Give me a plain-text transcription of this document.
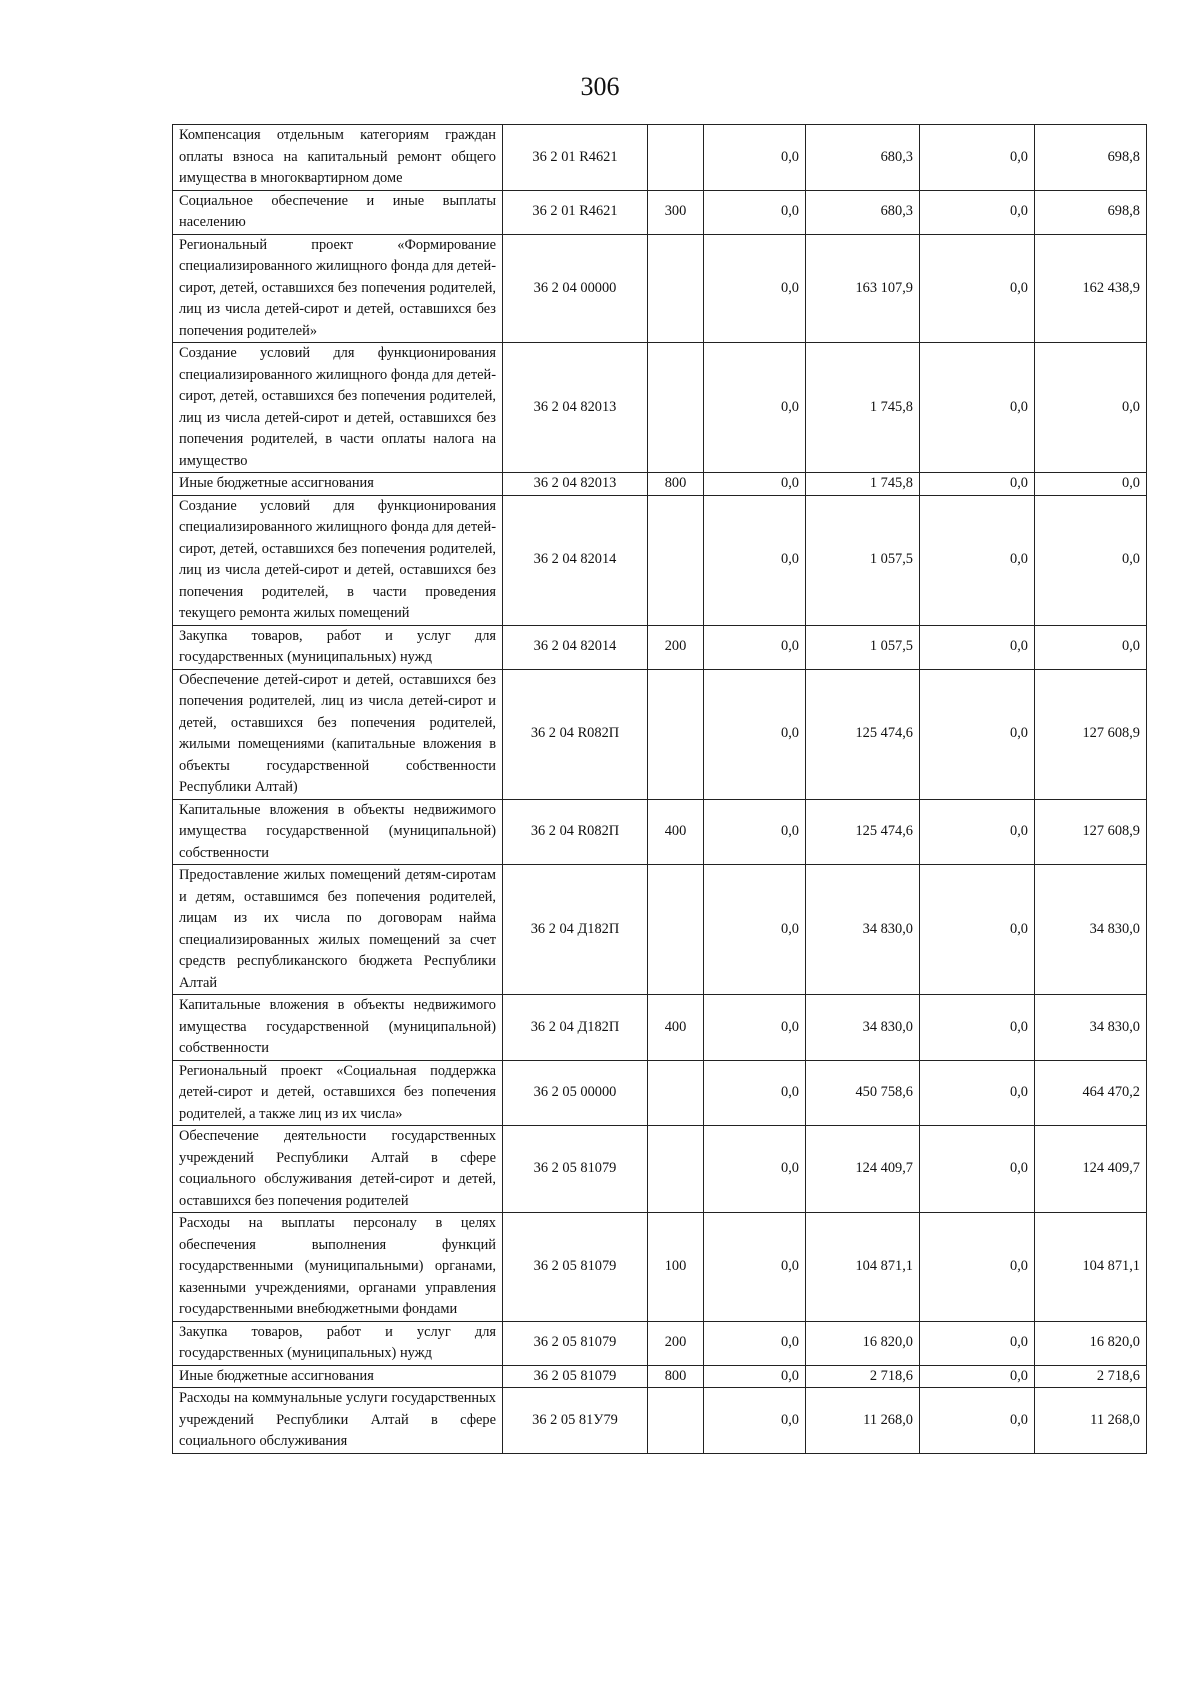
306
Компенсация отдельным категориям граждан оплаты взноса на капитальный ремонт общего имущества в многоквартирном доме	36 2 01 R4621		0,0	680,3	0,0	698,8
Социальное обеспечение и иные выплаты населению	36 2 01 R4621	300	0,0	680,3	0,0	698,8
Региональный проект «Формирование специализированного жилищного фонда для детей-сирот, детей, оставшихся без попечения родителей, лиц из числа детей-сирот и детей, оставшихся без попечения родителей»	36 2 04 00000		0,0	163 107,9	0,0	162 438,9
Создание условий для функционирования специализированного жилищного фонда для детей-сирот, детей, оставшихся без попечения родителей, лиц из числа детей-сирот и детей, оставшихся без попечения родителей, в части оплаты налога на имущество	36 2 04 82013		0,0	1 745,8	0,0	0,0
Иные бюджетные ассигнования	36 2 04 82013	800	0,0	1 745,8	0,0	0,0
Создание условий для функционирования специализированного жилищного фонда для детей-сирот, детей, оставшихся без попечения родителей, лиц из числа детей-сирот и детей, оставшихся без попечения родителей, в части проведения текущего ремонта жилых помещений	36 2 04 82014		0,0	1 057,5	0,0	0,0
Закупка товаров, работ и услуг для государственных (муниципальных) нужд	36 2 04 82014	200	0,0	1 057,5	0,0	0,0
Обеспечение детей-сирот и детей, оставшихся без попечения родителей, лиц из числа детей-сирот и детей, оставшихся без попечения родителей, жилыми помещениями (капитальные вложения в объекты государственной собственности Республики Алтай)	36 2 04 R082П		0,0	125 474,6	0,0	127 608,9
Капитальные вложения в объекты недвижимого имущества государственной (муниципальной) собственности	36 2 04 R082П	400	0,0	125 474,6	0,0	127 608,9
Предоставление жилых помещений детям-сиротам и детям, оставшимся без попечения родителей, лицам из их числа по договорам найма специализированных жилых помещений за счет средств республиканского бюджета Республики Алтай	36 2 04 Д182П		0,0	34 830,0	0,0	34 830,0
Капитальные вложения в объекты недвижимого имущества государственной (муниципальной) собственности	36 2 04 Д182П	400	0,0	34 830,0	0,0	34 830,0
Региональный проект «Социальная поддержка детей-сирот и детей, оставшихся без попечения родителей, а также лиц из их числа»	36 2 05 00000		0,0	450 758,6	0,0	464 470,2
Обеспечение деятельности государственных учреждений Республики Алтай в сфере социального обслуживания детей-сирот и детей, оставшихся без попечения родителей	36 2 05 81079		0,0	124 409,7	0,0	124 409,7
Расходы на выплаты персоналу в целях обеспечения выполнения функций государственными (муниципальными) органами, казенными учреждениями, органами управления государственными внебюджетными фондами	36 2 05 81079	100	0,0	104 871,1	0,0	104 871,1
Закупка товаров, работ и услуг для государственных (муниципальных) нужд	36 2 05 81079	200	0,0	16 820,0	0,0	16 820,0
Иные бюджетные ассигнования	36 2 05 81079	800	0,0	2 718,6	0,0	2 718,6
Расходы на коммунальные услуги государственных учреждений Республики Алтай в сфере социального обслуживания	36 2 05 81У79		0,0	11 268,0	0,0	11 268,0
